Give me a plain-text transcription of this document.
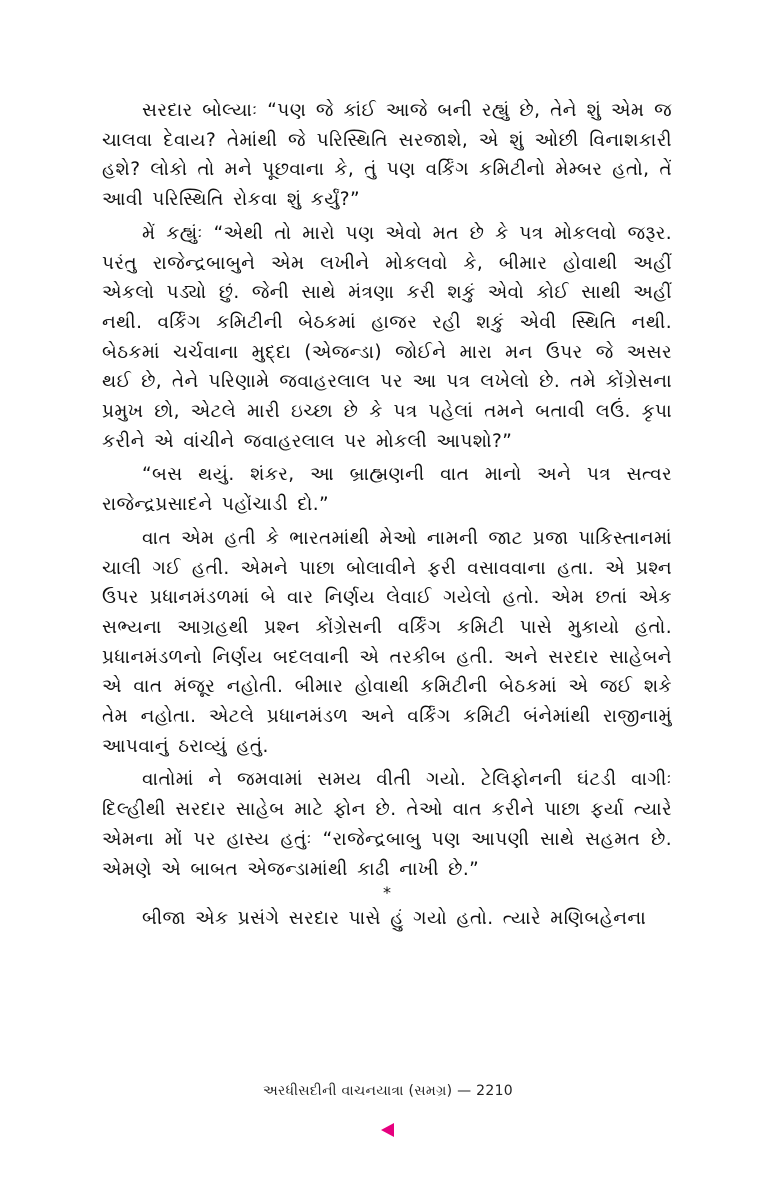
સરદાર બોલ્યાઃ “પણ જે કાંઈ આજે બની રહ્યું છે, તેને શું એમ જ ચાલવા દેવાય? તેમાંથી જે પરિસ્થિતિ સરજાશે, એ શું ઓછી વિનાશકારી હશે? લોકો તો મને પૂછવાના કે, તું પણ વર્કિંગ કમિટીનો મેમ્બર હતો, તેં આવી પરિસ્થિતિ રોકવા શું કર્યું?”

મેં કહ્યુંઃ “એથી તો મારો પણ એવો મત છે કે પત્ર મોકલવો જરૂર. પરંતુ રાજેન્દ્રબાબુને એમ લખીને મોકલવો કે, બીમાર હોવાથી અહીં એકલો પડ્યો છું. જેની સાથે મંત્રણા કરી શકું એવો કોઈ સાથી અહીં નથી. વર્કિંગ કમિટીની બેઠકમાં હાજર રહી શકું એવી સ્થિતિ નથી. બેઠકમાં ચર્ચવાના મુદ્દા (એજન્ડા) જોઈને મારા મન ઉપર જે અસર થઈ છે, તેને પરિણામે જવાહરલાલ પર આ પત્ર લખેલો છે. તમે કોંગ્રેસના પ્રમુખ છો, એટલે મારી ઇચ્છા છે કે પત્ર પહેલાં તમને બતાવી લઉં. કૃપા કરીને એ વાંચીને જવાહરલાલ પર મોકલી આપશો?”

“બસ થયું. શંકર, આ બ્રાહ્મણની વાત માનો અને પત્ર સત્વર રાજેન્દ્રપ્રસાદને પહોંચાડી દો.”

વાત એમ હતી કે ભારતમાંથી મેઓ નામની જાટ પ્રજા પાકિસ્તાનમાં ચાલી ગઈ હતી. એમને પાછા બોલાવીને ફરી વસાવવાના હતા. એ પ્રશ્ન ઉપર પ્રધાનમંડળમાં બે વાર નિર્ણય લેવાઈ ગયેલો હતો. એમ છતાં એક સભ્યના આગ્રહથી પ્રશ્ન કોંગ્રેસની વર્કિંગ કમિટી પાસે મુકાયો હતો. પ્રધાનમંડળનો નિર્ણય બદલવાની એ તરકીબ હતી. અને સરદાર સાહેબને એ વાત મંજૂર નહોતી. બીમાર હોવાથી કમિટીની બેઠકમાં એ જઈ શકે તેમ નહોતા. એટલે પ્રધાનમંડળ અને વર્કિંગ કમિટી બંનેમાંથી રાજીનામું આપવાનું ઠરાવ્યું હતું.

વાતોમાં ને જમવામાં સમય વીતી ગયો. ટેલિફોનની ઘંટડી વાગીઃ દિલ્હીથી સરદાર સાહેબ માટે ફોન છે. તેઓ વાત કરીને પાછા ફર્યા ત્યારે એમના મોં પર હાસ્ય હતુંઃ “રાજેન્દ્રબાબુ પણ આપણી સાથે સહમત છે. એમણે એ બાબત એજન્ડામાંથી કાઢી નાખી છે.”

*

બીજા એક પ્રસંગે સરદાર પાસે હું ગયો હતો. ત્યારે મણિબહેનના

અરધીસદીની વાચનયાત્રા (સમગ્ર) — 2210
